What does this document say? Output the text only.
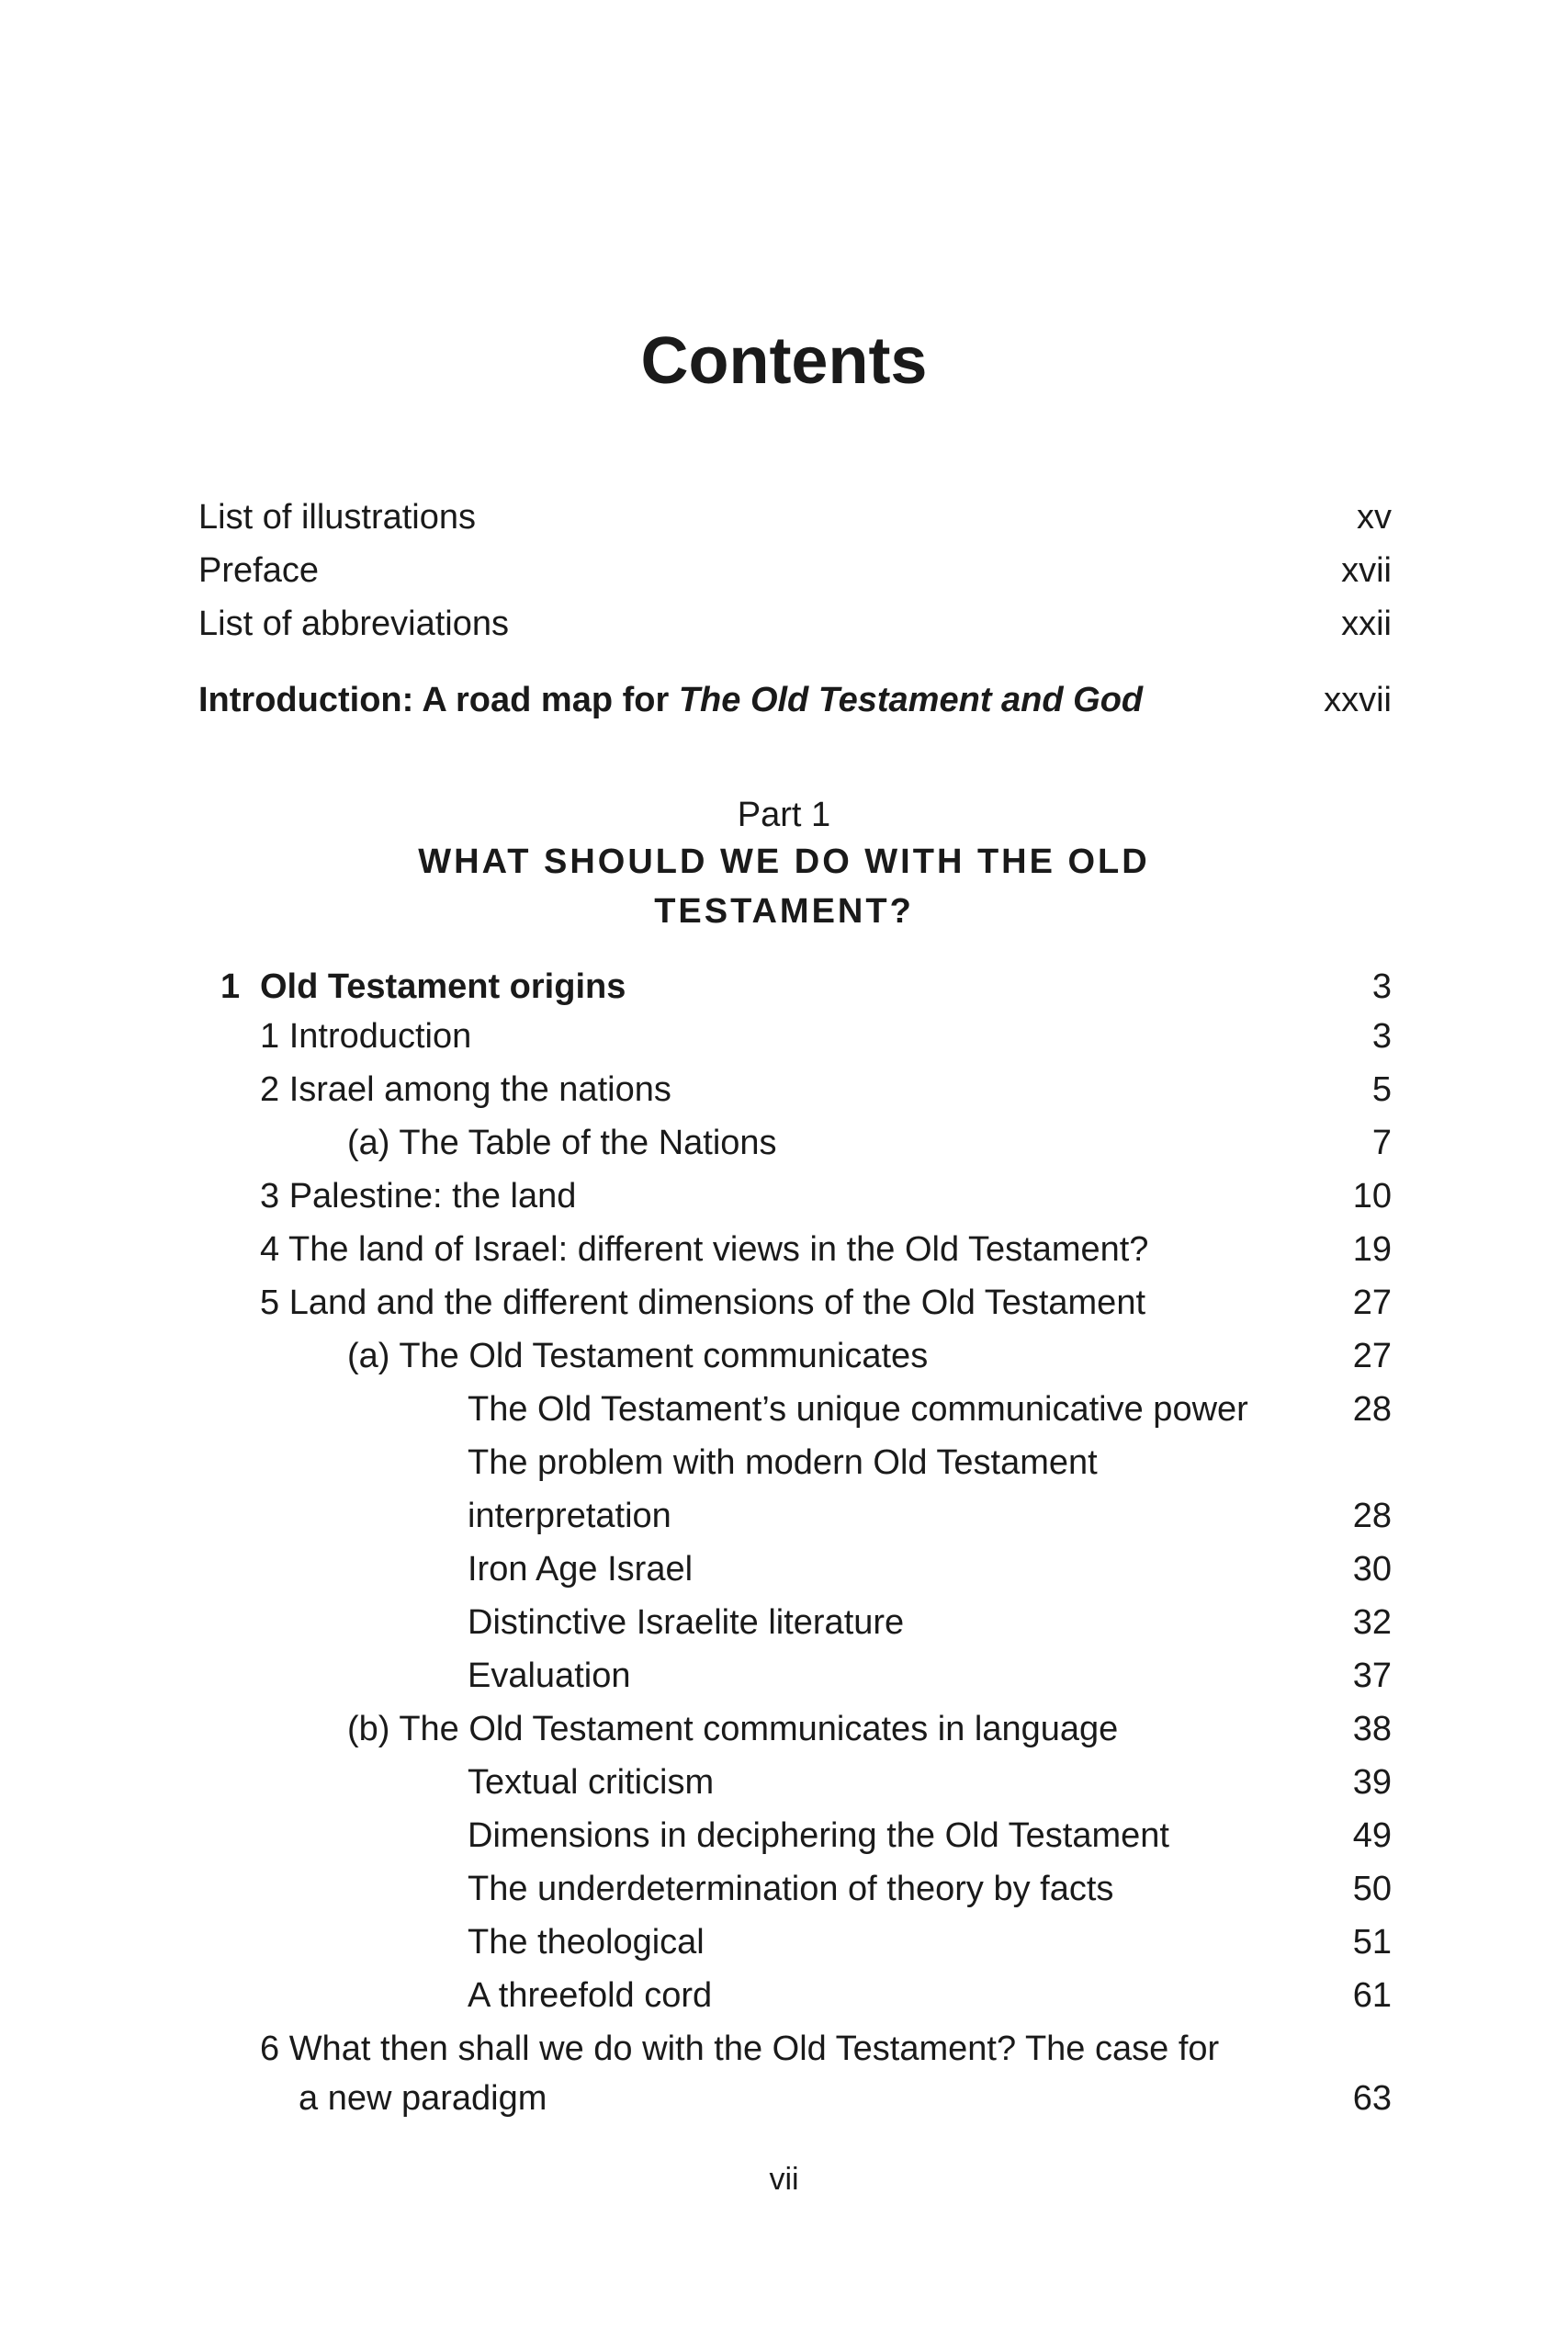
Contents
List of illustrations	xv
Preface	xvii
List of abbreviations	xxii
Introduction: A road map for The Old Testament and God	xxvii
Part 1
WHAT SHOULD WE DO WITH THE OLD
TESTAMENT?
1 Old Testament origins	3
1 Introduction	3
2 Israel among the nations	5
(a) The Table of the Nations	7
3 Palestine: the land	10
4 The land of Israel: different views in the Old Testament?	19
5 Land and the different dimensions of the Old Testament	27
(a) The Old Testament communicates	27
The Old Testament’s unique communicative power	28
The problem with modern Old Testament
interpretation	28
Iron Age Israel	30
Distinctive Israelite literature	32
Evaluation	37
(b) The Old Testament communicates in language	38
Textual criticism	39
Dimensions in deciphering the Old Testament	49
The underdetermination of theory by facts	50
The theological	51
A threefold cord	61
6 What then shall we do with the Old Testament? The case for
a new paradigm	63
vii
